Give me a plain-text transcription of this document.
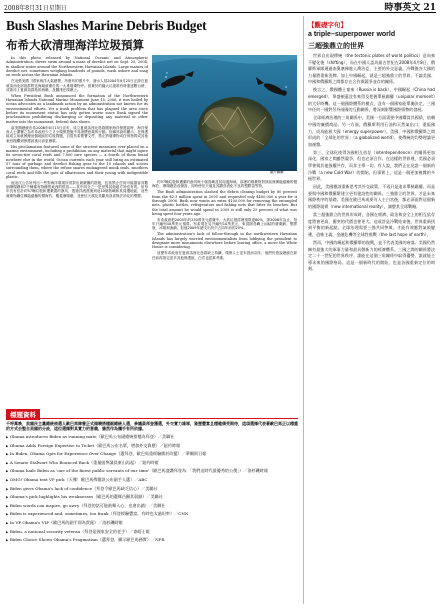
2008年8月31日星期日	時事英文 21
Bush Slashes Marine Debris Budget
布希大砍清理海洋垃圾預算

In this photo released by National Oceanic and Atmospheric Administration, divers swim around a mass of derelict net on Sept. 25, 2004, in shallow water around the Northwestern Hawaiian Islands. Large masses of derelict net, sometimes weighing hundreds of pounds, wash ashore and snag on reefs across the Hawaiian Islands.

在這張美國「國家海洋大氣總署」所發布的照片中，潛水人員2004年9月25日正游在夏威夷西北部島群附近海域被棄於的一大堆廢棄物旁。被棄於的龐大垃圾堆有時重達數百磅，或被沖上夏威夷群島的海礁，及擱淺在環礁上。

When President Bush announced the formation of the Northwestern Hawaiian Islands National Marine Monument June 15, 2006, it was hailed by ocean advocates as a landmark action by an administration not known for its environmental efforts. Yet a trash problem that has plagued the area since before its monument status has only gotten worse since Bush signed the proclamation prohibiting discharging or depositing any material or other matter into the monument, federal data shows.

當美國總統布希2006年6月15日宣布，成立夏威夷西北島群國家海洋保護區時，海洋保育人士讚譽之為布希政府少之又少環保措施中具指標意義的行動。但聯邦資料顯示，在保護區成立前就困擾這個地區的垃圾問題，自從布希簽署文件，禁止將廢棄物或任何物質或其他東西拋擲到保護區後反而更嚴重。

His proclamation featured some of the strictest measures ever placed on a marine environment, including a prohibition on any material that might injure its seven-tier coral reefs and 7,000 rare species — a fourth of them found nowhere else in the world. Ocean currents each year still bring an estimated 57 tons of garbage and derelict fishing gear to the 10 islands and scores surrounding them, where the refuse snares endangered monk seals, smothers coral reefs and fills the guts of albatrosses and their young with indigestible plastic.

他這次公告所列出一些對海洋環境所曾祭出最嚴厲的措施，包括禁止任何可能損害其數個珊瑚礁和7千種稀有物種的東西的排放——其中四分之一是世界其他地方所沒有的。但每年仍有估計約57噸垃圾和遭棄置的漁具，透過洋流漂流到這10個島嶼和其周遭地區，這些廢棄物纏住瀕臨絕種的僧海豹、覆蓋珊瑚礁，並使信天翁及其雛鳥誤食無法消化的塑膠。

約57噸垃圾和遭棄的漁具與十個島嶼及其周邊海域，那裡的廢棄物對該區裡瀕臨絕種的僧海豹、珊瑚礁造成傷害，同時使信天翁及其雛鳥消化不良的塑膠袋等物。

The Bush administration slashed the debris cleanup budget by 80 percent from the $2.3 million spent in 2005 and requested only $400,000 a year for it through 2008. Bush now wants an extra $100,000 for removing the entangled nets, plastic bottles, refrigerators and fishing nets that litter its beaches. But the total amount he would spend in 2009 is still only 25 percent of what was being spent four years ago.

布希政府把2005年的230萬美元經費中，大砍垃圾清理預算達80%，即2008年為止，每年只編列40萬美元預算。布希現在另外編列10萬美元，來清除島嶼上糾結的廢棄網、塑膠瓶、冰箱和漁網。但他2009年總支出仍只占四年前的25%。

The administration's lack of follow-through in the northwestern Hawaiian Islands has largely worried environmentalists from lobbying the president to designate more monuments elsewhere before leaving office, a move the White House is considering.

這麼布希政府在夏威夷西北島群缺乏持續，環保人士並未因而卻步，他們仍遊說總統在卸任前再指定更多其他保護區，白宮也認真考慮。

圖片翻攝
標題資料
千呼萬喚，美國民主黨總統候選人歐巴馬陣營正式揭曉搭檔副總統人選，參議員拜登獲選，外交實力雄厚，資歷豐富且穩健備受期待，這項選擇代表著歐巴馬正以穩重的方式去整合美國的分歧，這位選擇對其實力的意義，雖然作為攜手有所依據。
▶ Obama introduces Biden as running mate（歐巴馬公布副總統搭檔為拜登）／美聯社
▶ Obama Adds Foreign Expertise to Ticket（歐巴馬公布名單，增加外交資歷）／紐約時報
▶ In Biden, Obama Opts for Experience Over Change（選拜登，歐巴馬重經驗勝於改變）／華爾街日報
▶ A Senate Stalwart Who Bounced Back（重量級參議員東山再起）／紐約時報
▶ Obama hails Biden as 'one of the finest public servants of our time'（歐巴馬盛讚拜登為：「我們這時代最優秀的公僕」）／洛杉磯時報
▶ OMG! Obama text VP pick（天哪！歐巴馬傳簡訊公布副手人選）／ABC
▶ Biden gives Obama's lack of confidence（拜登令歐巴馬缺乏信心）／美聯社
▶ Obama's pick highlights his weaknesses（歐巴馬的選擇凸顯其弱點）／美聯社
▶ Biden words can inspire, go awry（拜登的話可能鼓舞人心，也會出錯）／美聯社
▶ Biden is experienced and, sometimes, too frank（拜登經驗豐富，有時也太過坦率）／CNN
▶ In VP Obama's VIP（歐巴馬的副手即為貴賓）／洛杉磯時報
▶ Biden, a national security veteran（拜登是國家安全的老手）／泰晤士報
▶ Biden Choice Shows Obama's Pragmatism（選拜登，顯示歐巴馬務實）／NPR
【觀礎字句】
a triple–superpower world
三超強鼎立的世界

世界自出現傳統（the tectonic plates of world politics）意向來不變化後（shifting），而在中國人認為最古世紀在2008年4月8日，俄羅斯軍隊通過南奧塞梯進入喬治亞，主要的外交意義，冷戰後各大國的力量將重新洗牌。加上中國崛起，就是三超強鼎立的世界，不論美國、中國和俄羅斯之間都存在合作與競爭並存的關係。

換言之，俄國體士童來（Russia is back），中國崛起（China had emerged），華盛頓還沒有來得及把握單極霸權（unipolar moment）的大好時機。這一個國際體系的模式，沒有一個國家能單獨決定。三國中任何一國對另外兩國的互動關係，將深刻影響國際情勢的發展。

全球經濟治理的三角關係中，美國一方面需要中國購買其國債，依賴中國的廉價商品。另一方面，俄羅斯利用石油和天然氣出口，重振國力，成為能源大國（energy superpower）。美國、中國和俄羅斯之間形成的「全球化的世界」（a globalized world），使傳統的均勢理論更加複雜。

第三，全球化使得各國相互依存（interdependence）的關係更加深化，國家之間雖然競爭，但也必須合作。在這樣的世界裡，美國必須學會與其他強權共存，而非主導一切。有人說，我們正在見證一個新的冷戰（a new Cold War）的開始，但事實上，這是一個更加複雜的多極世界。

因此，美國應該重新思考其外交政策，不再只是追求單極霸權，而是要與中國和俄羅斯建立更有建設性的關係。三強鼎立的世界，才是未來國際秩序的基礎。美國在歐巴馬或麥肯入主白宮後，都必須面對這個新的國際現實（new international reality），調整其全球戰略。

當三超強鼎立的世界形成時，各國在經濟、政治和安全上的相互依存度將會更高，衝突的代價也會更大。這或許是冷戰結束後，世界重新找到平衡的新起點。全球治理需要三強共同參與，才能有效應對氣候變遷、恐怖主義、金融危機等全球性挑戰（the last hope of earth）。

然而，中國的崛起和俄羅斯的復興，並不代表美國的衰落。美國仍然擁有最強大的軍事力量和最具創新力的經濟體系。三國之間的關係將決定二十一世紀的世界秩序。誰能在這個三角關係中取得優勢，誰就能主導未來的國際格局。這是一個新時代的開始，也是各國重新定位的時刻。
